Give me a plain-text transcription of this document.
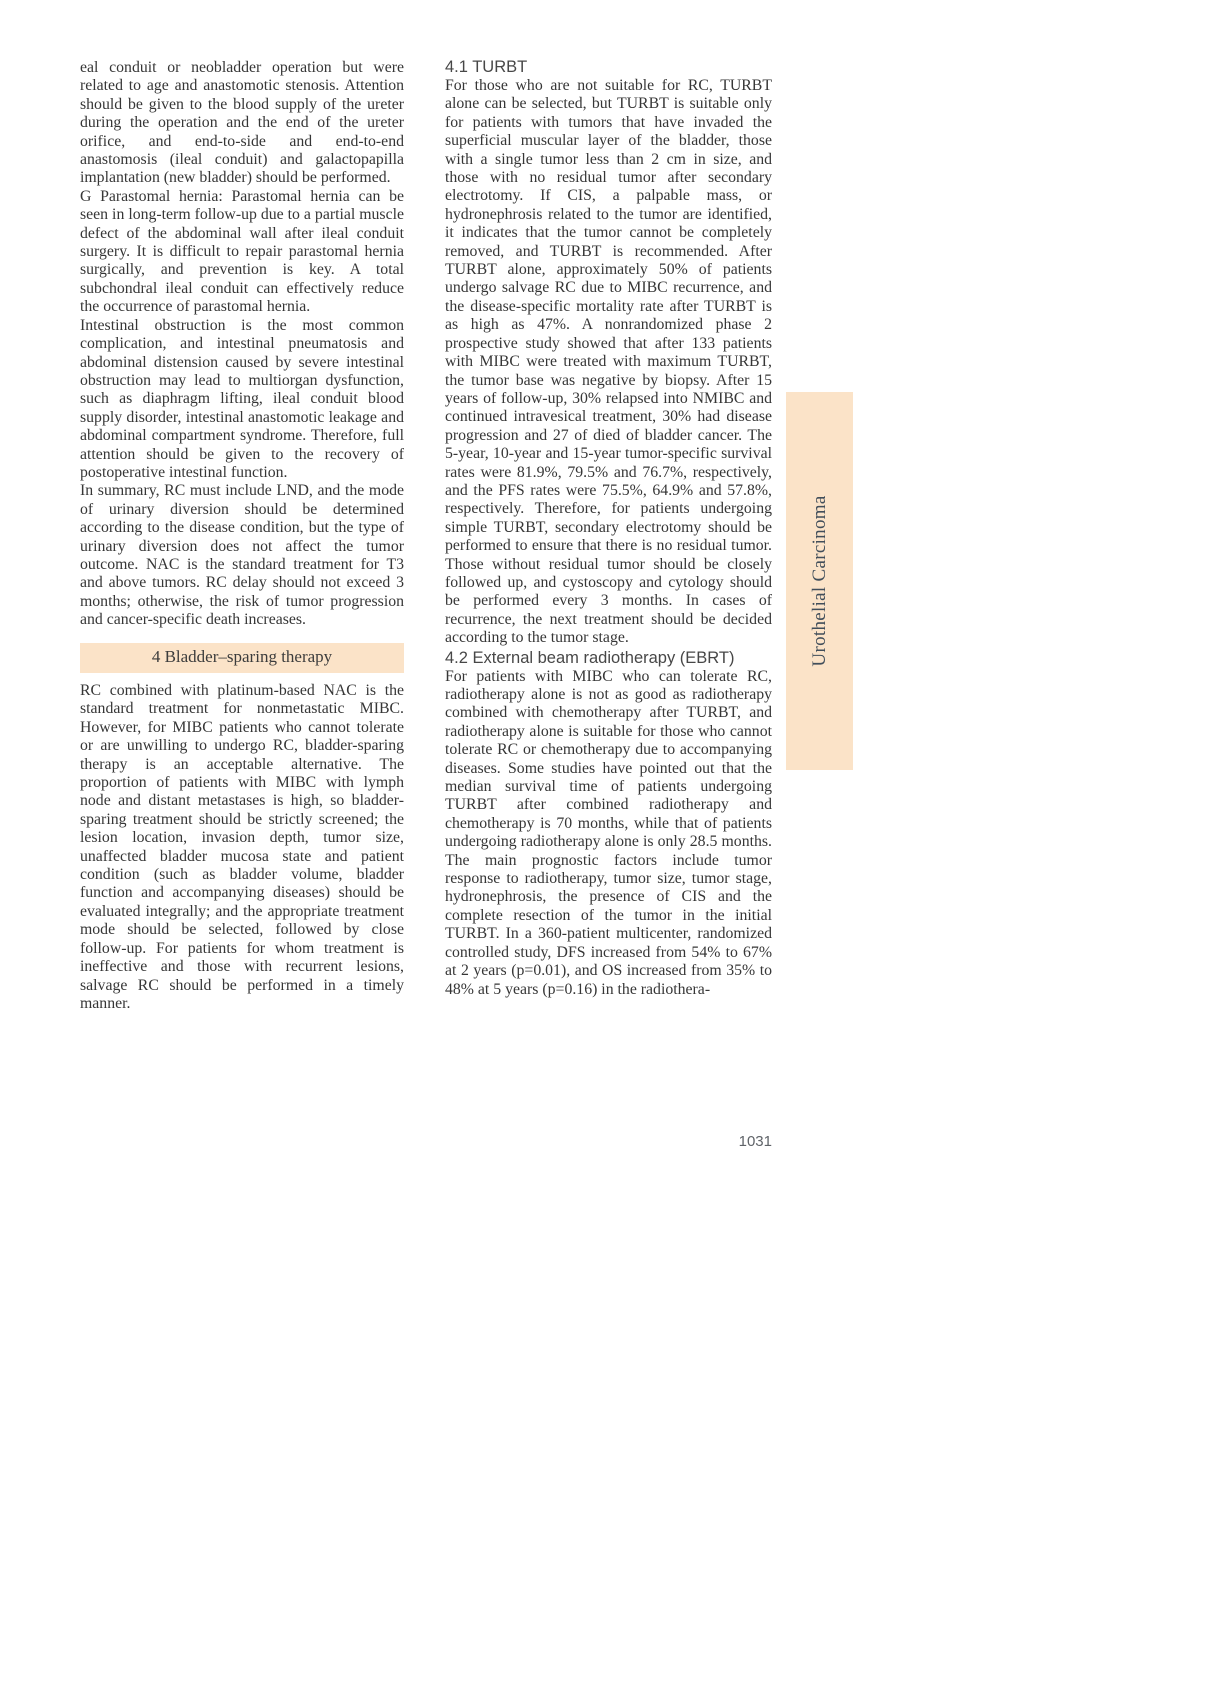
eal conduit or neobladder operation but were related to age and anastomotic stenosis. Attention should be given to the blood supply of the ureter during the operation and the end of the ureter orifice, and end-to-side and end-to-end anastomosis (ileal conduit) and galactopapilla implantation (new bladder) should be performed.

G Parastomal hernia: Parastomal hernia can be seen in long-term follow-up due to a partial muscle defect of the abdominal wall after ileal conduit surgery. It is difficult to repair parastomal hernia surgically, and prevention is key. A total subchondral ileal conduit can effectively reduce the occurrence of parastomal hernia.

Intestinal obstruction is the most common complication, and intestinal pneumatosis and abdominal distension caused by severe intestinal obstruction may lead to multiorgan dysfunction, such as diaphragm lifting, ileal conduit blood supply disorder, intestinal anastomotic leakage and abdominal compartment syndrome. Therefore, full attention should be given to the recovery of postoperative intestinal function.

In summary, RC must include LND, and the mode of urinary diversion should be determined according to the disease condition, but the type of urinary diversion does not affect the tumor outcome. NAC is the standard treatment for T3 and above tumors. RC delay should not exceed 3 months; otherwise, the risk of tumor progression and cancer-specific death increases.

4 Bladder–sparing therapy

RC combined with platinum-based NAC is the standard treatment for nonmetastatic MIBC. However, for MIBC patients who cannot tolerate or are unwilling to undergo RC, bladder-sparing therapy is an acceptable alternative. The proportion of patients with MIBC with lymph node and distant metastases is high, so bladder-sparing treatment should be strictly screened; the lesion location, invasion depth, tumor size, unaffected bladder mucosa state and patient condition (such as bladder volume, bladder function and accompanying diseases) should be evaluated integrally; and the appropriate treatment mode should be selected, followed by close follow-up. For patients for whom treatment is ineffective and those with recurrent lesions, salvage RC should be performed in a timely manner.

4.1 TURBT

For those who are not suitable for RC, TURBT alone can be selected, but TURBT is suitable only for patients with tumors that have invaded the superficial muscular layer of the bladder, those with a single tumor less than 2 cm in size, and those with no residual tumor after secondary electrotomy. If CIS, a palpable mass, or hydronephrosis related to the tumor are identified, it indicates that the tumor cannot be completely removed, and TURBT is recommended. After TURBT alone, approximately 50% of patients undergo salvage RC due to MIBC recurrence, and the disease-specific mortality rate after TURBT is as high as 47%. A nonrandomized phase 2 prospective study showed that after 133 patients with MIBC were treated with maximum TURBT, the tumor base was negative by biopsy. After 15 years of follow-up, 30% relapsed into NMIBC and continued intravesical treatment, 30% had disease progression and 27 of died of bladder cancer. The 5-year, 10-year and 15-year tumor-specific survival rates were 81.9%, 79.5% and 76.7%, respectively, and the PFS rates were 75.5%, 64.9% and 57.8%, respectively. Therefore, for patients undergoing simple TURBT, secondary electrotomy should be performed to ensure that there is no residual tumor. Those without residual tumor should be closely followed up, and cystoscopy and cytology should be performed every 3 months. In cases of recurrence, the next treatment should be decided according to the tumor stage.

4.2 External beam radiotherapy (EBRT)

For patients with MIBC who can tolerate RC, radiotherapy alone is not as good as radiotherapy combined with chemotherapy after TURBT, and radiotherapy alone is suitable for those who cannot tolerate RC or chemotherapy due to accompanying diseases. Some studies have pointed out that the median survival time of patients undergoing TURBT after combined radiotherapy and chemotherapy is 70 months, while that of patients undergoing radiotherapy alone is only 28.5 months. The main prognostic factors include tumor response to radiotherapy, tumor size, tumor stage, hydronephrosis, the presence of CIS and the complete resection of the tumor in the initial TURBT. In a 360-patient multicenter, randomized controlled study, DFS increased from 54% to 67% at 2 years (p=0.01), and OS increased from 35% to 48% at 5 years (p=0.16) in the radiothera-

1031
Urothelial Carcinoma
